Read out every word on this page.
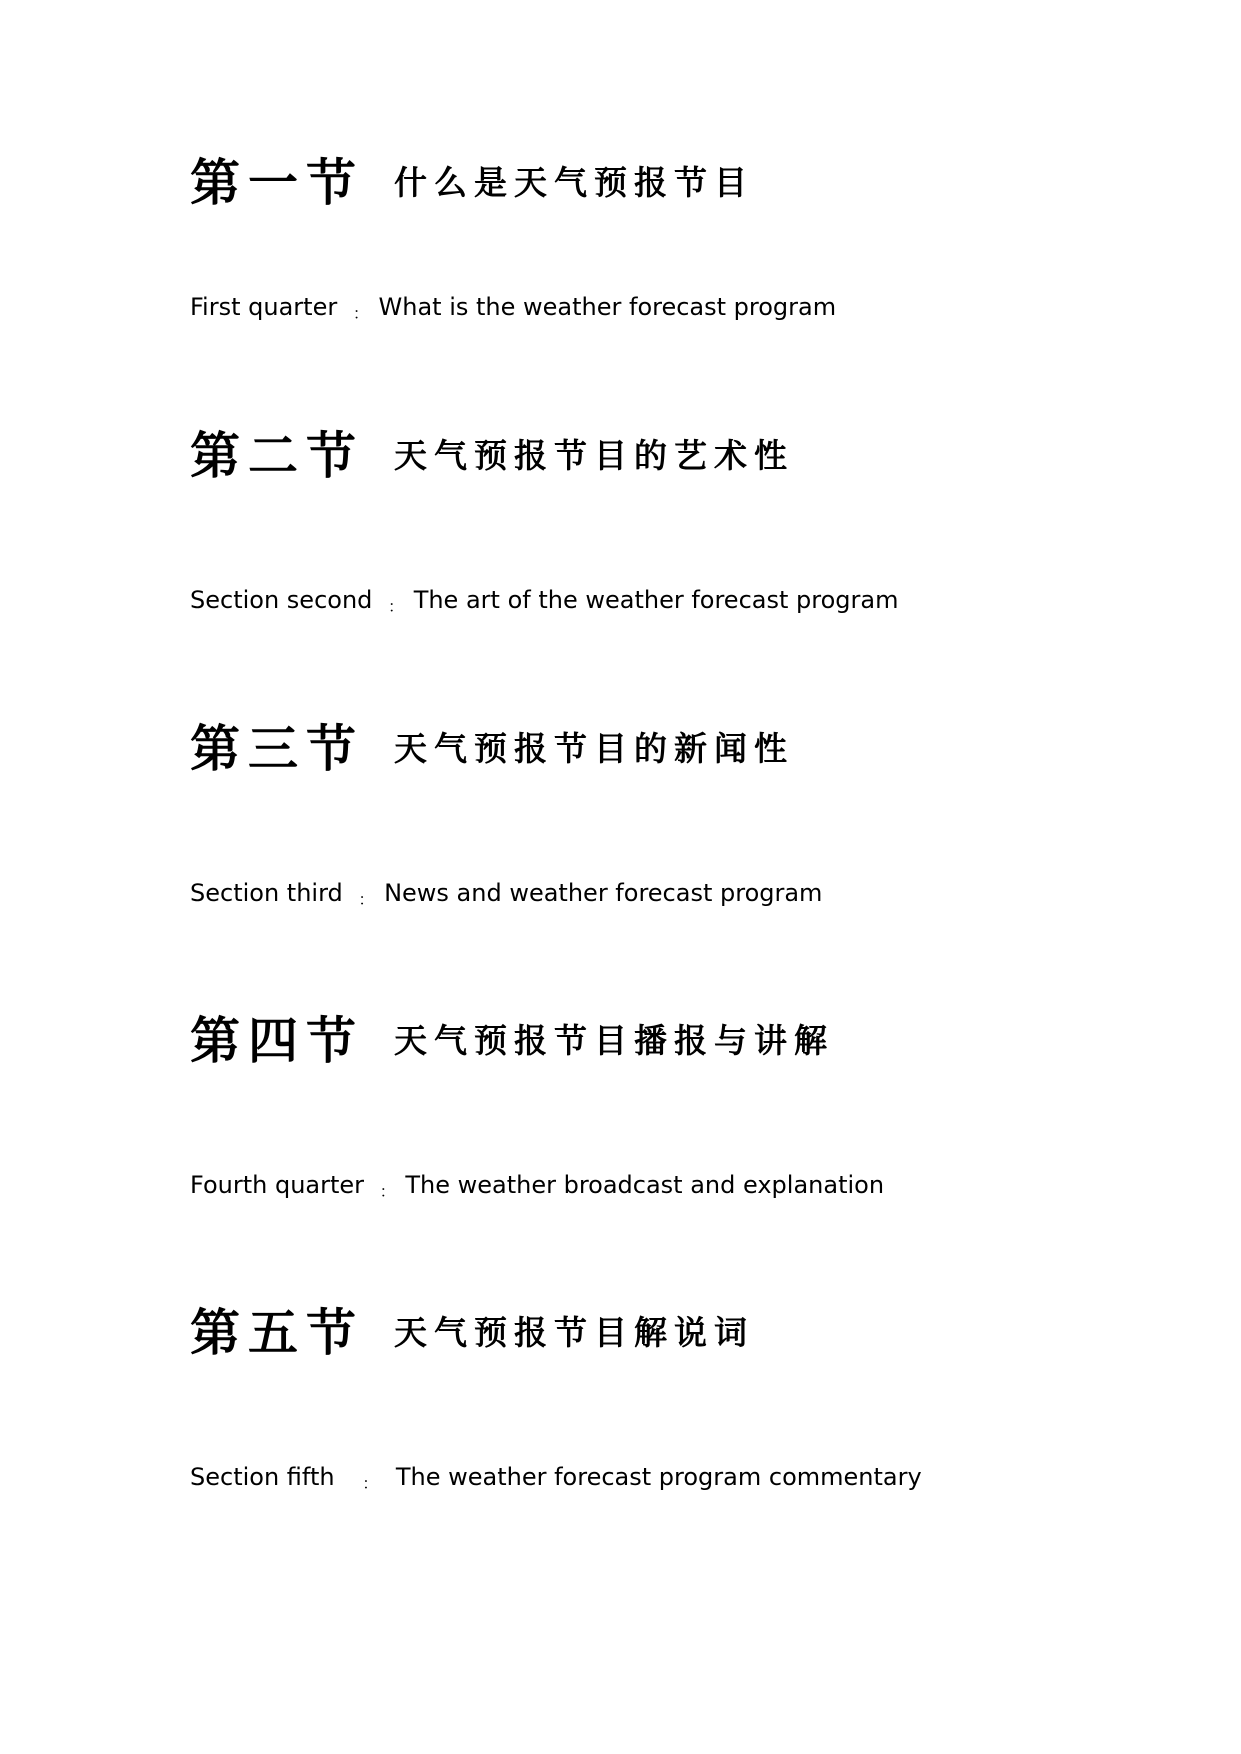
第一节 什么是天气预报节目
First quarter ： What is the weather forecast program
第二节 天气预报节目的艺术性
Section second ： The art of the weather forecast program
第三节 天气预报节目的新闻性
Section third ： News and weather forecast program
第四节 天气预报节目播报与讲解
Fourth quarter ： The weather broadcast and explanation
第五节 天气预报节目解说词
Section fifth ： The weather forecast program commentary
